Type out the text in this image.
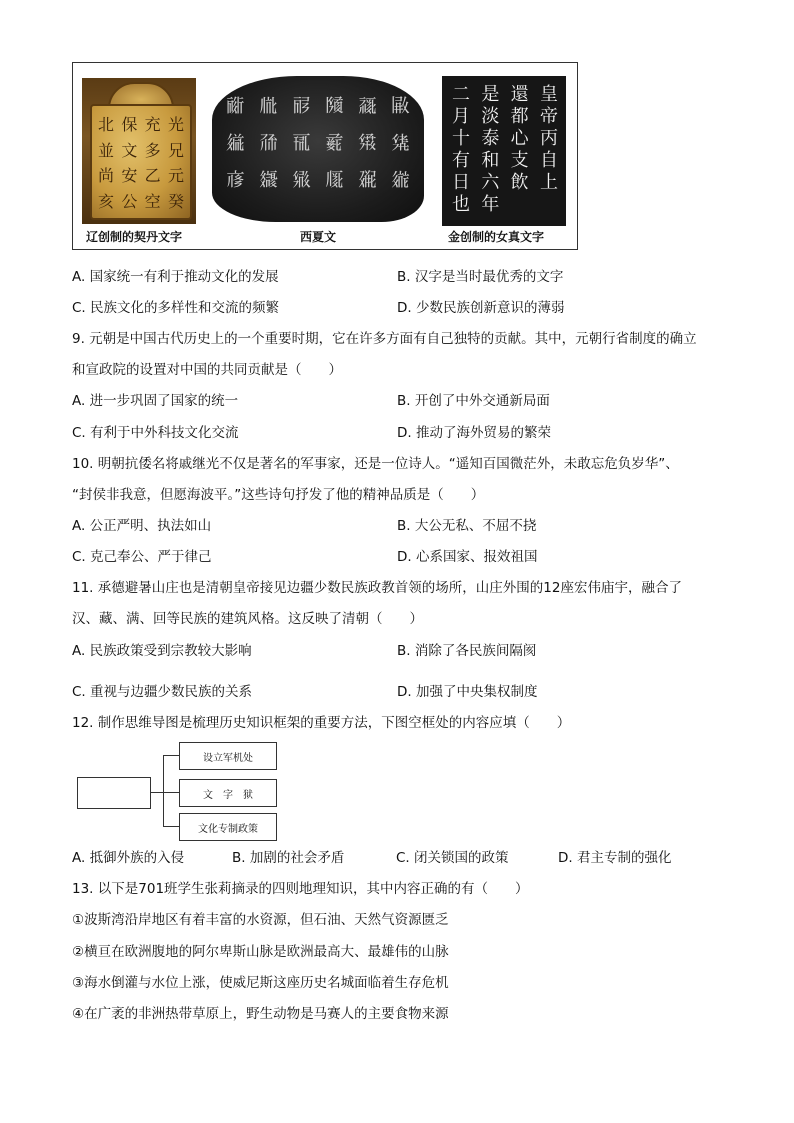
光
兄
元
癸
充
多
乙
空
保
文
安
公
北
並
尚
亥
辽创制的契丹文字
𗁹
𗊻
𗨁
𗹙
𗋽
𗘂
𗂧
𗈜
𗅲
𗟲
𗀋
𗋒
𗄻
𗗙
𗿼
𗠁
𗨉
𗇋
西夏文
皇
帝
丙
自
上
還
都
心
支
飲
是
淡
泰
和
六
年
二
月
十
有
日
也
金创制的女真文字
A. 国家统一有利于推动文化的发展	B. 汉字是当时最优秀的文字
C. 民族文化的多样性和交流的频繁	D. 少数民族创新意识的薄弱
9. 元朝是中国古代历史上的一个重要时期，它在许多方面有自己独特的贡献。其中，元朝行省制度的确立
和宣政院的设置对中国的共同贡献是（　　）
A. 进一步巩固了国家的统一	B. 开创了中外交通新局面
C. 有利于中外科技文化交流	D. 推动了海外贸易的繁荣
10. 明朝抗倭名将戚继光不仅是著名的军事家，还是一位诗人。“遥知百国微茫外，未敢忘危负岁华”、
“封侯非我意，但愿海波平。”这些诗句抒发了他的精神品质是（　　）
A. 公正严明、执法如山	B. 大公无私、不屈不挠
C. 克己奉公、严于律己	D. 心系国家、报效祖国
11. 承德避暑山庄也是清朝皇帝接见边疆少数民族政教首领的场所，山庄外围的12座宏伟庙宇，融合了
汉、藏、满、回等民族的建筑风格。这反映了清朝（　　）
A. 民族政策受到宗教较大影响	B. 消除了各民族间隔阂
C. 重视与边疆少数民族的关系	D. 加强了中央集权制度
12. 制作思维导图是梳理历史知识框架的重要方法，下图空框处的内容应填（　　）
设立军机处
文　字　狱
文化专制政策
A. 抵御外族的入侵	B. 加剧的社会矛盾	C. 闭关锁国的政策	D. 君主专制的强化
13. 以下是701班学生张莉摘录的四则地理知识，其中内容正确的有（　　）
①波斯湾沿岸地区有着丰富的水资源，但石油、天然气资源匮乏
②横亘在欧洲腹地的阿尔卑斯山脉是欧洲最高大、最雄伟的山脉
③海水倒灌与水位上涨，使威尼斯这座历史名城面临着生存危机
④在广袤的非洲热带草原上，野生动物是马赛人的主要食物来源
